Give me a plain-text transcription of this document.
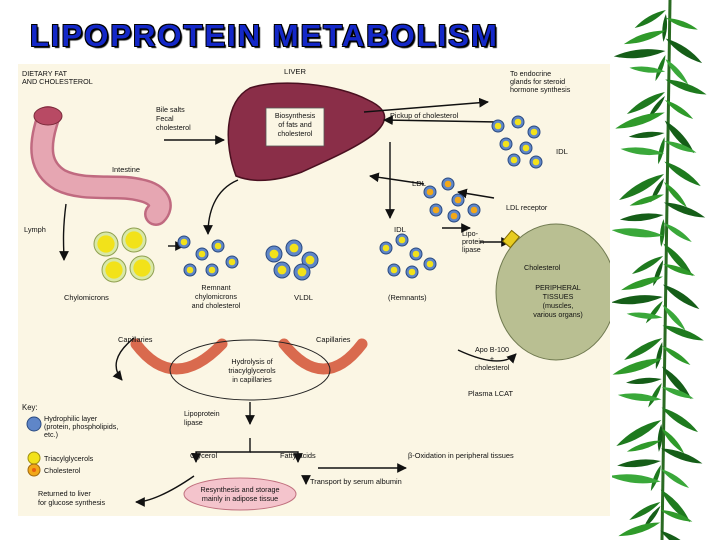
LIPOPROTEIN METABOLISM
DIETARY FAT AND CHOLESTEROL
LIVER	To endocrine glands for steroid hormone synthesis
Bile salts Fecal cholesterol
Biosynthesis of fats and cholesterol
Pickup of cholesterol
IDL
Intestine
LDL
LDL receptor
Lymph	IDL	Lipo-protein lipase
Cholesterol
PERIPHERAL TISSUES (muscles, various organs)
Chylomicrons
Remnant chylomicrons and cholesterol
VLDL	(Remnants)
Capillaries	Capillaries
Hydrolysis of triacylglycerols in capillaries
Apo B-100 + cholesterol
Plasma LCAT
Lipoprotein lipase
Glycerol	Fatty acids	β-Oxidation in peripheral tissues
Transport by serum albumin
Resynthesis and storage mainly in adipose tissue
Returned to liver for glucose synthesis
Key:
Hydrophilic layer (protein, phospholipids, etc.)
Triacylglycerols
Cholesterol
